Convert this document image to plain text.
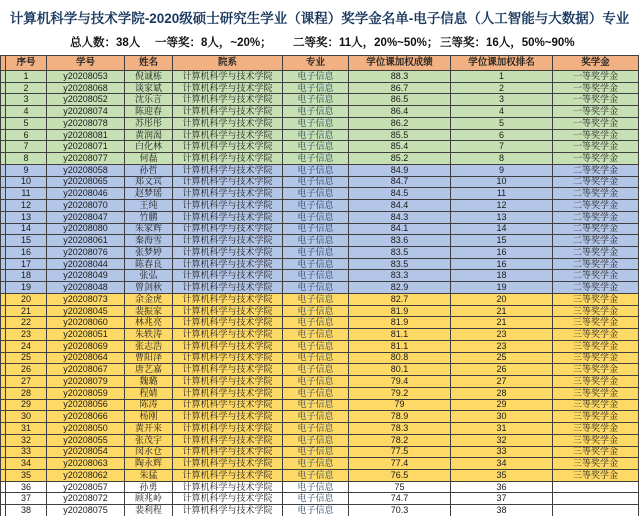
计算机科学与技术学院-2020级硕士研究生学业（课程）奖学金名单-电子信息（人工智能与大数据）专业
总人数：38人 一等奖：8人，~20%； 二等奖：11人，20%~50%； 三等奖：16人，50%~90%
序号	学号	姓名	院系	专业	学位课加权成绩	学位课加权排名	奖学金
1	y20208053	倪诚栋	计算机科学与技术学院	电子信息	88.3	1	一等奖学金
2	y20208068	谈家斌	计算机科学与技术学院	电子信息	86.7	2	一等奖学金
3	y20208052	沈乐言	计算机科学与技术学院	电子信息	86.5	3	一等奖学金
4	y20208074	陈迎春	计算机科学与技术学院	电子信息	86.4	4	一等奖学金
5	y20208078	苏彤彤	计算机科学与技术学院	电子信息	86.2	5	一等奖学金
6	y20208081	黄润渴	计算机科学与技术学院	电子信息	85.5	6	一等奖学金
7	y20208071	白化林	计算机科学与技术学院	电子信息	85.4	7	一等奖学金
8	y20208077	何磊	计算机科学与技术学院	电子信息	85.2	8	一等奖学金
9	y20208058	孙哲	计算机科学与技术学院	电子信息	84.9	9	二等奖学金
10	y20208065	郑文宾	计算机科学与技术学院	电子信息	84.7	10	二等奖学金
11	y20208046	赵梦瑶	计算机科学与技术学院	电子信息	84.5	11	二等奖学金
12	y20208070	王纯	计算机科学与技术学院	电子信息	84.4	12	二等奖学金
13	y20208047	竹鹏	计算机科学与技术学院	电子信息	84.3	13	二等奖学金
14	y20208080	朱家辉	计算机科学与技术学院	电子信息	84.1	14	二等奖学金
15	y20208061	秦海雪	计算机科学与技术学院	电子信息	83.6	15	二等奖学金
16	y20208076	张梦婷	计算机科学与技术学院	电子信息	83.5	16	二等奖学金
17	y20208044	陈春良	计算机科学与技术学院	电子信息	83.5	16	二等奖学金
18	y20208049	张弘	计算机科学与技术学院	电子信息	83.3	18	二等奖学金
19	y20208048	曾剑秋	计算机科学与技术学院	电子信息	82.9	19	二等奖学金
20	y20208073	余金虎	计算机科学与技术学院	电子信息	82.7	20	三等奖学金
21	y20208045	裴振家	计算机科学与技术学院	电子信息	81.9	21	三等奖学金
22	y20208060	林兆亮	计算机科学与技术学院	电子信息	81.9	21	三等奖学金
23	y20208051	朱轶涛	计算机科学与技术学院	电子信息	81.1	23	三等奖学金
24	y20208069	张志浩	计算机科学与技术学院	电子信息	81.1	23	三等奖学金
25	y20208064	曹阳泽	计算机科学与技术学院	电子信息	80.8	25	三等奖学金
26	y20208067	唐艺嘉	计算机科学与技术学院	电子信息	80.1	26	三等奖学金
27	y20208079	魏璐	计算机科学与技术学院	电子信息	79.4	27	三等奖学金
28	y20208059	程婧	计算机科学与技术学院	电子信息	79.2	28	三等奖学金
29	y20208056	陈涛	计算机科学与技术学院	电子信息	79	29	三等奖学金
30	y20208066	杨刚	计算机科学与技术学院	电子信息	78.9	30	三等奖学金
31	y20208050	黄开来	计算机科学与技术学院	电子信息	78.3	31	三等奖学金
32	y20208055	张茂宇	计算机科学与技术学院	电子信息	78.2	32	三等奖学金
33	y20208054	闵永仓	计算机科学与技术学院	电子信息	77.5	33	三等奖学金
34	y20208063	陶永辉	计算机科学与技术学院	电子信息	77.4	34	三等奖学金
35	y20208062	朱猛	计算机科学与技术学院	电子信息	76.5	35	三等奖学金
36	y20208057	孙勇	计算机科学与技术学院	电子信息	75	36
37	y20208072	顾兆岭	计算机科学与技术学院	电子信息	74.7	37
38	y20208075	裴利程	计算机科学与技术学院	电子信息	70.3	38
